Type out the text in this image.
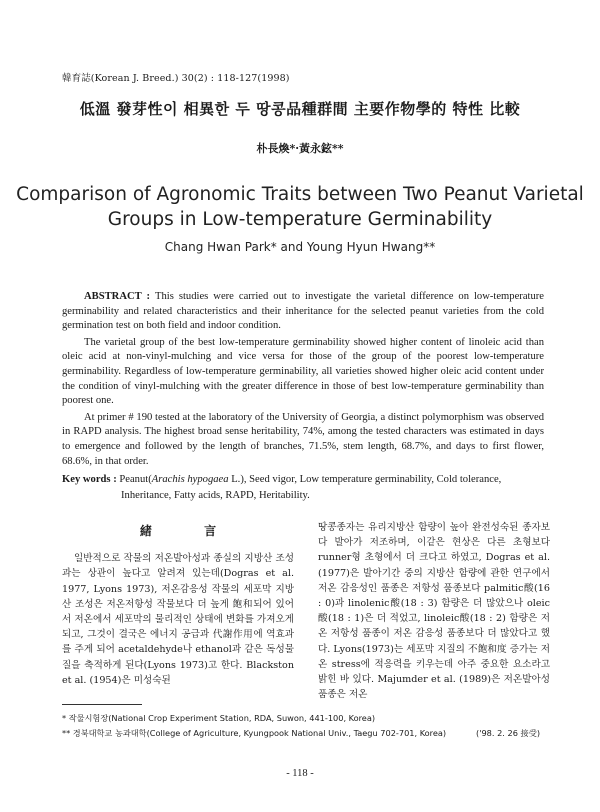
韓育誌(Korean J. Breed.) 30(2) : 118-127(1998)
低溫 發芽性이 相異한 두 땅콩品種群間 主要作物學的 特性 比較
朴長煥*·黃永鉉**
Comparison of Agronomic Traits between Two Peanut Varietal
Groups in Low-temperature Germinability
Chang Hwan Park* and Young Hyun Hwang**

ABSTRACT : This studies were carried out to investigate the varietal difference on low-temperature germinability and related characteristics and their inheritance for the selected peanut varieties from the cold germination test on both field and indoor condition.

The varietal group of the best low-temperature germinability showed higher content of linoleic acid than oleic acid at non-vinyl-mulching and vice versa for those of the group of the poorest low-temperature germinability. Regardless of low-temperature germinability, all varieties showed higher oleic acid content under the condition of vinyl-mulching with the greater difference in those of best low-temperature germinability than poorest one.

At primer # 190 tested at the laboratory of the University of Georgia, a distinct polymorphism was observed in RAPD analysis. The highest broad sense heritability, 74%, among the tested characters was estimated in days to emergence and followed by the length of branches, 71.5%, stem length, 68.7%, and days to first flower, 68.6%, in that order.

Key words : Peanut(Arachis hypogaea L.), Seed vigor, Low temperature germinability, Cold tolerance, Inheritance, Fatty acids, RAPD, Heritability.
緒 言

일반적으로 작물의 저온발아성과 종실의 지방산 조성과는 상관이 높다고 알려져 있는데(Dogras et al. 1977, Lyons 1973), 저온감응성 작물의 세포막 지방산 조성은 저온저항성 작물보다 더 높게 飽和되어 있어서 저온에서 세포막의 물리적인 상태에 변화를 가져오게 되고, 그것이 결국은 에너지 공급과 代謝作用에 역효과를 주게 되어 acetaldehyde나 ethanol과 같은 독성물질을 축적하게 된다(Lyons 1973)고 한다. Blackston et al. (1954)은 미성숙된

땅콩종자는 유리지방산 함량이 높아 완전성숙된 종자보다 발아가 저조하며, 이같은 현상은 다른 초형보다 runner형 초형에서 더 크다고 하였고, Dogras et al. (1977)은 발아기간 중의 지방산 함량에 관한 연구에서 저온 감응성인 품종은 저항성 품종보다 palmitic酸(16 : 0)과 linolenic酸(18 : 3) 함량은 더 많았으나 oleic酸(18 : 1)은 더 적었고, linoleic酸(18 : 2) 함량은 저온 저항성 품종이 저온 감응성 품종보다 더 많았다고 했다. Lyons(1973)는 세포막 지질의 不飽和度 증가는 저온 stress에 적응력을 키우는데 아주 중요한 요소라고 밝힌 바 있다. Majumder et al. (1989)은 저온발아성 품종은 저온

* 작물시험장(National Crop Experiment Station, RDA, Suwon, 441-100, Korea)
** 경북대학교 농과대학(College of Agriculture, Kyungpook National Univ., Taegu 702-701, Korea)	('98. 2. 26 接受)
- 118 -
